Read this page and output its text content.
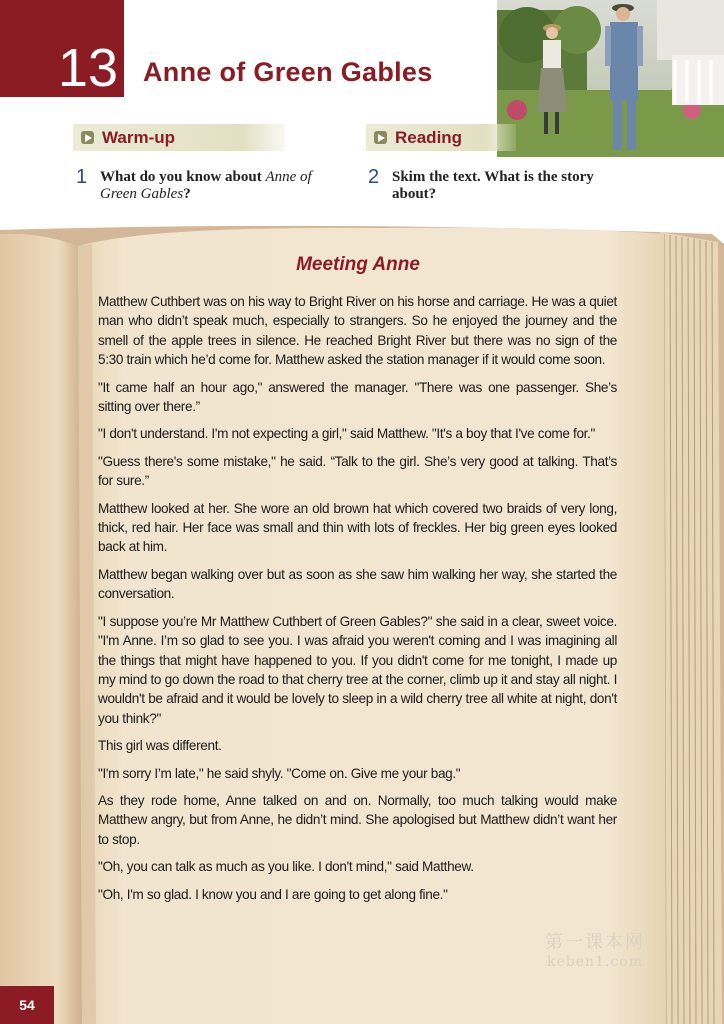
13 Anne of Green Gables
Warm-up	Reading
1 What do you know about Anne of
Green Gables?
2 Skim the text. What is the story
about?
Meeting Anne

Matthew Cuthbert was on his way to Bright River on his horse and carriage. He was a quiet man who didn’t speak much, especially to strangers. So he enjoyed the journey and the smell of the apple trees in silence. He reached Bright River but there was no sign of the 5:30 train which he’d come for. Matthew asked the station manager if it would come soon.

"It came half an hour ago," answered the manager. "There was one passenger. She’s sitting over there.”

"I don't understand. I'm not expecting a girl," said Matthew. "It's a boy that I've come for."

"Guess there's some mistake," he said. “Talk to the girl. She’s very good at talking. That’s for sure.”

Matthew looked at her. She wore an old brown hat which covered two braids of very long, thick, red hair. Her face was small and thin with lots of freckles. Her big green eyes looked back at him.

Matthew began walking over but as soon as she saw him walking her way, she started the conversation.

"I suppose you’re Mr Matthew Cuthbert of Green Gables?" she said in a clear, sweet voice. "I'm Anne. I’m so glad to see you. I was afraid you weren't coming and I was imagining all the things that might have happened to you. If you didn't come for me tonight, I made up my mind to go down the road to that cherry tree at the corner, climb up it and stay all night. I wouldn't be afraid and it would be lovely to sleep in a wild cherry tree all white at night, don't you think?"

This girl was different.

"I'm sorry I’m late," he said shyly. "Come on. Give me your bag."

As they rode home, Anne talked on and on. Normally, too much talking would make Matthew angry, but from Anne, he didn’t mind. She apologised but Matthew didn’t want her to stop.

"Oh, you can talk as much as you like. I don't mind," said Matthew.

"Oh, I'm so glad. I know you and I are going to get along fine."

第一课本网
keben1.com
54
